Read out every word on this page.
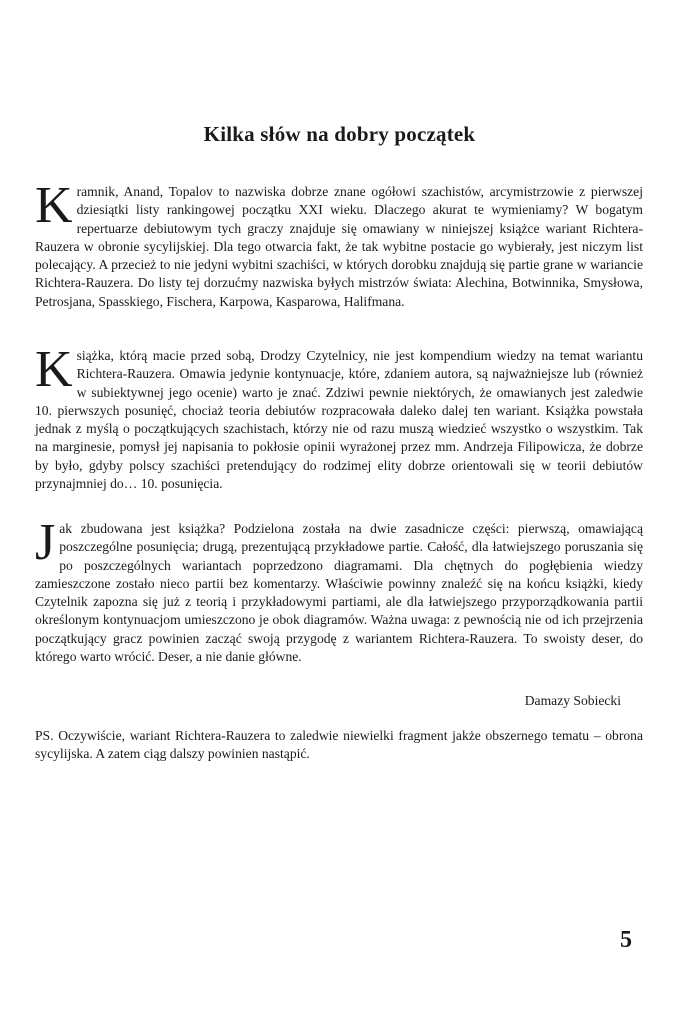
Kilka słów na dobry początek

Kramnik, Anand, Topalov to nazwiska dobrze znane ogółowi szachistów, arcymistrzowie z pierwszej dziesiątki listy rankingowej początku XXI wieku. Dlaczego akurat te wymieniamy? W bogatym repertuarze debiutowym tych graczy znajduje się omawiany w niniejszej książce wariant Richtera-Rauzera w obronie sycylijskiej. Dla tego otwarcia fakt, że tak wybitne postacie go wybierały, jest niczym list polecający. A przecież to nie jedyni wybitni szachiści, w których dorobku znajdują się partie grane w wariancie Richtera-Rauzera. Do listy tej dorzućmy nazwiska byłych mistrzów świata: Alechina, Botwinnika, Smysłowa, Petrosjana, Spasskiego, Fischera, Karpowa, Kasparowa, Halifmana.

Książka, którą macie przed sobą, Drodzy Czytelnicy, nie jest kompendium wiedzy na temat wariantu Richtera-Rauzera. Omawia jedynie kontynuacje, które, zdaniem autora, są najważniejsze lub (również w subiektywnej jego ocenie) warto je znać. Zdziwi pewnie niektórych, że omawianych jest zaledwie 10. pierwszych posunięć, chociaż teoria debiutów rozpracowała daleko dalej ten wariant. Książka powstała jednak z myślą o początkujących szachistach, którzy nie od razu muszą wiedzieć wszystko o wszystkim. Tak na marginesie, pomysł jej napisania to pokłosie opinii wyrażonej przez mm. Andrzeja Filipowicza, że dobrze by było, gdyby polscy szachiści pretendujący do rodzimej elity dobrze orientowali się w teorii debiutów przynajmniej do… 10. posunięcia.

Jak zbudowana jest książka? Podzielona została na dwie zasadnicze części: pierwszą, omawiającą poszczególne posunięcia; drugą, prezentującą przykładowe partie. Całość, dla łatwiejszego poruszania się po poszczególnych wariantach poprzedzono diagramami. Dla chętnych do pogłębienia wiedzy zamieszczone zostało nieco partii bez komentarzy. Właściwie powinny znaleźć się na końcu książki, kiedy Czytelnik zapozna się już z teorią i przykładowymi partiami, ale dla łatwiejszego przyporządkowania partii określonym kontynuacjom umieszczono je obok diagramów. Ważna uwaga: z pewnością nie od ich przejrzenia początkujący gracz powinien zacząć swoją przygodę z wariantem Richtera-Rauzera. To swoisty deser, do którego warto wrócić. Deser, a nie danie główne.

Damazy Sobiecki

PS. Oczywiście, wariant Richtera-Rauzera to zaledwie niewielki fragment jakże obszernego tematu – obrona sycylijska. A zatem ciąg dalszy powinien nastąpić.

5
